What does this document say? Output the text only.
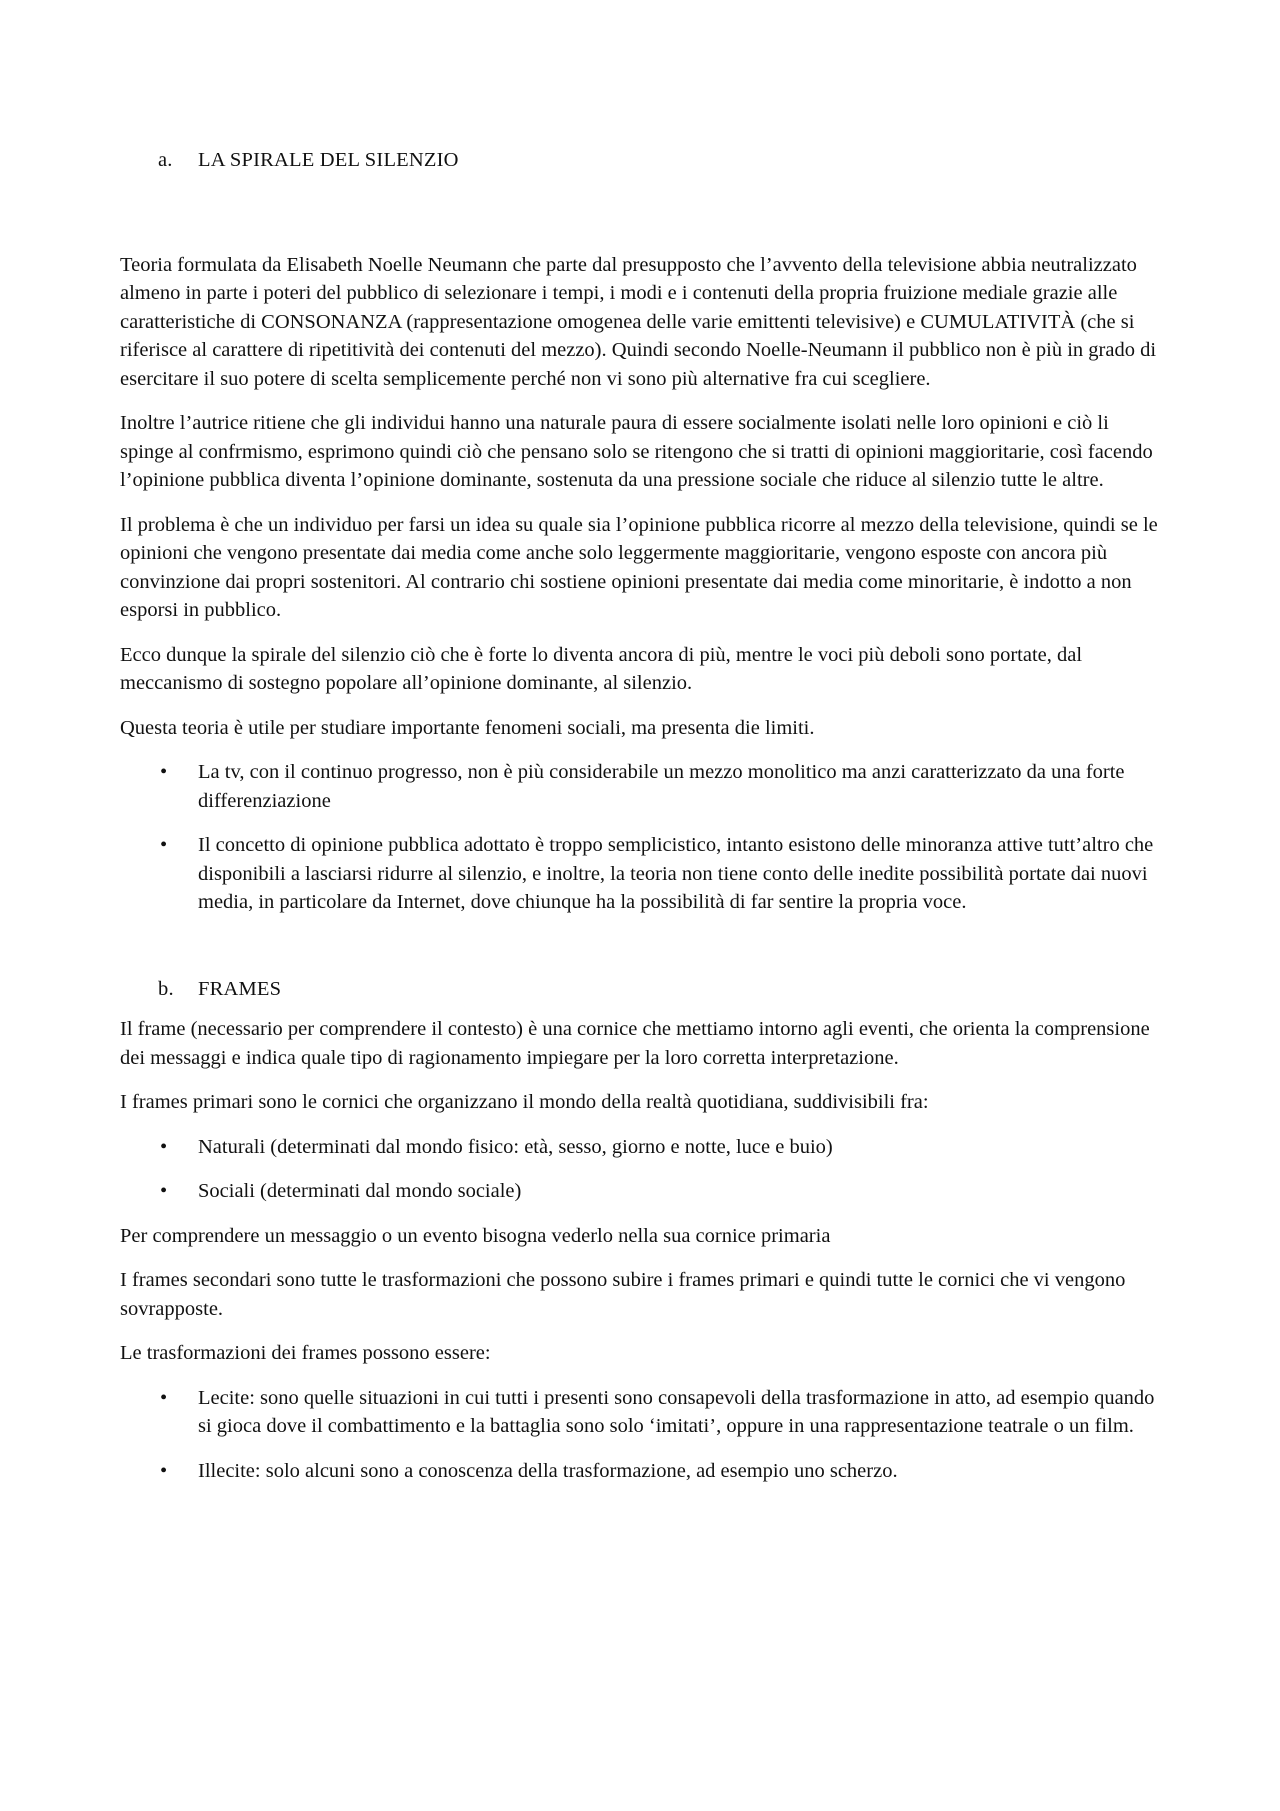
a. LA SPIRALE DEL SILENZIO

Teoria formulata da Elisabeth Noelle Neumann che parte dal presupposto che l’avvento della televisione abbia neutralizzato almeno in parte i poteri del pubblico di selezionare i tempi, i modi e i contenuti della propria fruizione mediale grazie alle caratteristiche di CONSONANZA (rappresentazione omogenea delle varie emittenti televisive) e CUMULATIVITÀ (che si riferisce al carattere di ripetitività dei contenuti del mezzo). Quindi secondo Noelle-Neumann il pubblico non è più in grado di esercitare il suo potere di scelta semplicemente perché non vi sono più alternative fra cui scegliere.

Inoltre l’autrice ritiene che gli individui hanno una naturale paura di essere socialmente isolati nelle loro opinioni e ciò li spinge al confrmismo, esprimono quindi ciò che pensano solo se ritengono che si tratti di opinioni maggioritarie, così facendo l’opinione pubblica diventa l’opinione dominante, sostenuta da una pressione sociale che riduce al silenzio tutte le altre.

Il problema è che un individuo per farsi un idea su quale sia l’opinione pubblica ricorre al mezzo della televisione, quindi se le opinioni che vengono presentate dai media come anche solo leggermente maggioritarie, vengono esposte con ancora più convinzione dai propri sostenitori. Al contrario chi sostiene opinioni presentate dai media come minoritarie, è indotto a non esporsi in pubblico.

Ecco dunque la spirale del silenzio ciò che è forte lo diventa ancora di più, mentre le voci più deboli sono portate, dal meccanismo di sostegno popolare all’opinione dominante, al silenzio.

Questa teoria è utile per studiare importante fenomeni sociali, ma presenta die limiti.

• La tv, con il continuo progresso, non è più considerabile un mezzo monolitico ma anzi caratterizzato da una forte differenziazione
• Il concetto di opinione pubblica adottato è troppo semplicistico, intanto esistono delle minoranza attive tutt’altro che disponibili a lasciarsi ridurre al silenzio, e inoltre, la teoria non tiene conto delle inedite possibilità portate dai nuovi media, in particolare da Internet, dove chiunque ha la possibilità di far sentire la propria voce.
b. FRAMES

Il frame (necessario per comprendere il contesto) è una cornice che mettiamo intorno agli eventi, che orienta la comprensione dei messaggi e indica quale tipo di ragionamento impiegare per la loro corretta interpretazione.

I frames primari sono le cornici che organizzano il mondo della realtà quotidiana, suddivisibili fra:

• Naturali (determinati dal mondo fisico: età, sesso, giorno e notte, luce e buio)
• Sociali (determinati dal mondo sociale)

Per comprendere un messaggio o un evento bisogna vederlo nella sua cornice primaria

I frames secondari sono tutte le trasformazioni che possono subire i frames primari e quindi tutte le cornici che vi vengono sovrapposte.

Le trasformazioni dei frames possono essere:

• Lecite: sono quelle situazioni in cui tutti i presenti sono consapevoli della trasformazione in atto, ad esempio quando si gioca dove il combattimento e la battaglia sono solo ‘imitati’, oppure in una rappresentazione teatrale o un film.
• Illecite: solo alcuni sono a conoscenza della trasformazione, ad esempio uno scherzo.
